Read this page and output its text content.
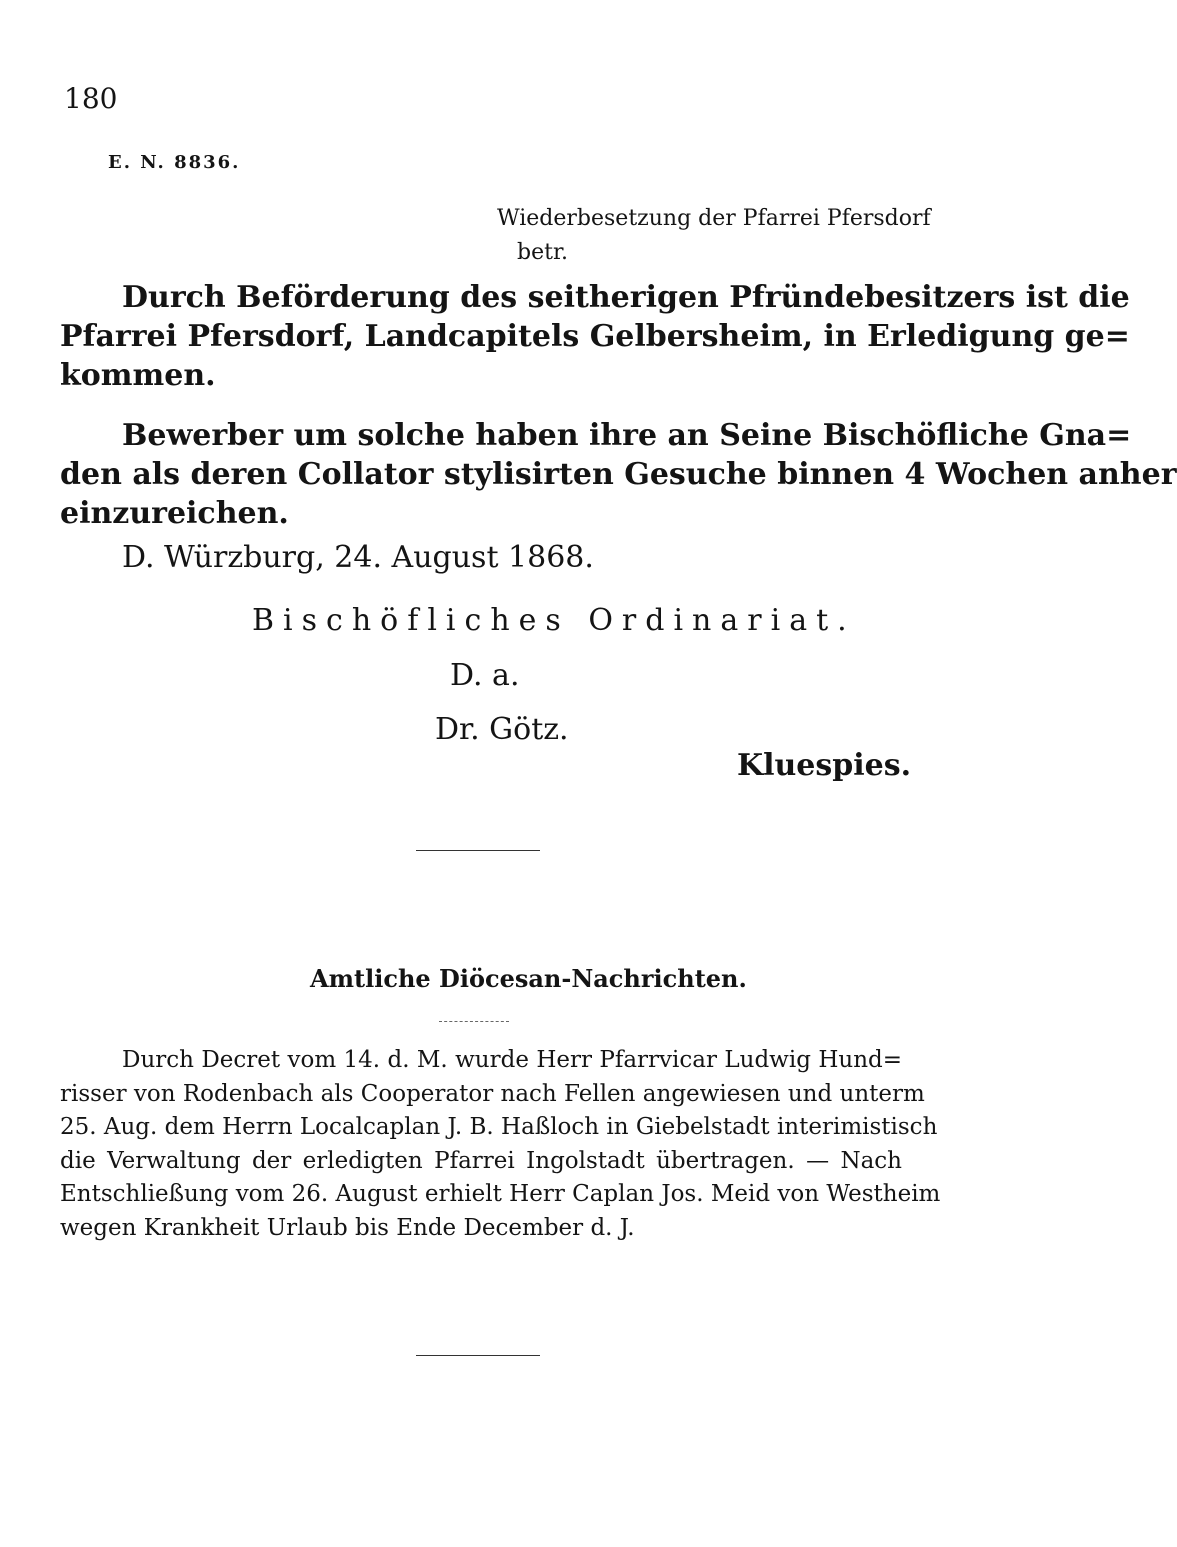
180
E. N. 8836.
Wiederbesetzung der Pfarrei Pfersdorf
betr.
Durch Beförderung des seitherigen Pfründebesitzers ist die
Pfarrei Pfersdorf, Landcapitels Gelbersheim, in Erledigung ge=
kommen.
Bewerber um solche haben ihre an Seine Bischöfliche Gna=
den als deren Collator stylisirten Gesuche binnen 4 Wochen anher
einzureichen.
D. Würzburg, 24. August 1868.
Bischöfliches Ordinariat.
D. a.
Dr. Götz.
Kluespies.
Amtliche Diöcesan-Nachrichten.
Durch Decret vom 14. d. M. wurde Herr Pfarrvicar Ludwig Hund=
risser von Rodenbach als Cooperator nach Fellen angewiesen und unterm
25. Aug. dem Herrn Localcaplan J. B. Haßloch in Giebelstadt interimistisch
die Verwaltung der erledigten Pfarrei Ingolstadt übertragen. — Nach
Entschließung vom 26. August erhielt Herr Caplan Jos. Meid von Westheim
wegen Krankheit Urlaub bis Ende December d. J.
